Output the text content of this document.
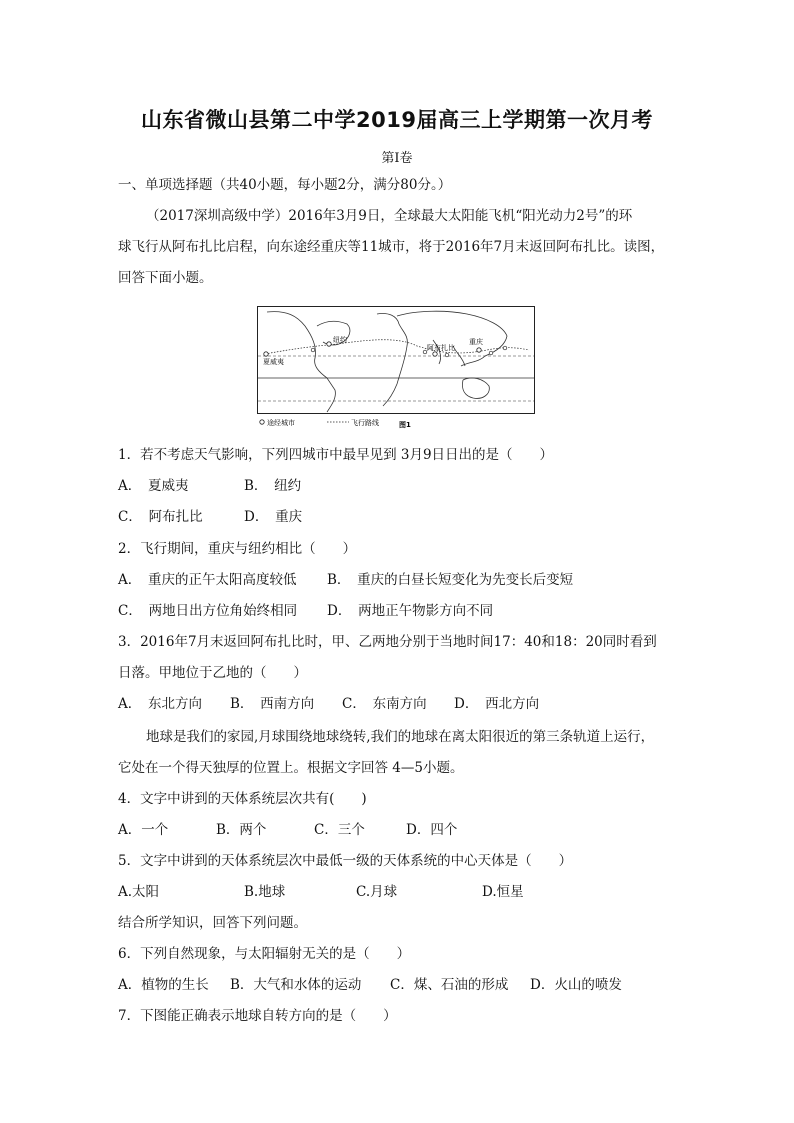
山东省微山县第二中学2019届高三上学期第一次月考
第Ⅰ卷
一、单项选择题（共40小题，每小题2分，满分80分。）
（2017深圳高级中学）2016年3月9日，全球最大太阳能飞机“阳光动力2号”的环
球飞行从阿布扎比启程，向东途经重庆等11城市，将于2016年7月末返回阿布扎比。读图，
回答下面小题。
夏威夷
纽约
阿布扎比
重庆
途经城市	飞行路线	图1
1．若不考虑天气影响，下列四城市中最早见到 3月9日日出的是（　　）
A．　夏威夷	B．　纽约
C．　阿布扎比	D．　重庆
2．飞行期间，重庆与纽约相比（　　）
A．　重庆的正午太阳高度较低 B．　重庆的白昼长短变化为先变长后变短
C．　两地日出方位角始终相同 D．　两地正午物影方向不同
3．2016年7月末返回阿布扎比时，甲、乙两地分别于当地时间17：40和18：20同时看到
日落。甲地位于乙地的（　　）
A．　东北方向 B．　西南方向 C．　东南方向 D．　西北方向
地球是我们的家园,月球围绕地球绕转,我们的地球在离太阳很近的第三条轨道上运行，
它处在一个得天独厚的位置上。根据文字回答 4—5小题。
4．文字中讲到的天体系统层次共有(　　)
A．一个	B．两个	C．三个	D．四个
5．文字中讲到的天体系统层次中最低一级的天体系统的中心天体是（　　）
A.太阳	B.地球	C.月球	D.恒星
结合所学知识，回答下列问题。
6．下列自然现象，与太阳辐射无关的是（　　）
A．植物的生长 B．大气和水体的运动 C．煤、石油的形成 D．火山的喷发
7．下图能正确表示地球自转方向的是（　　）
